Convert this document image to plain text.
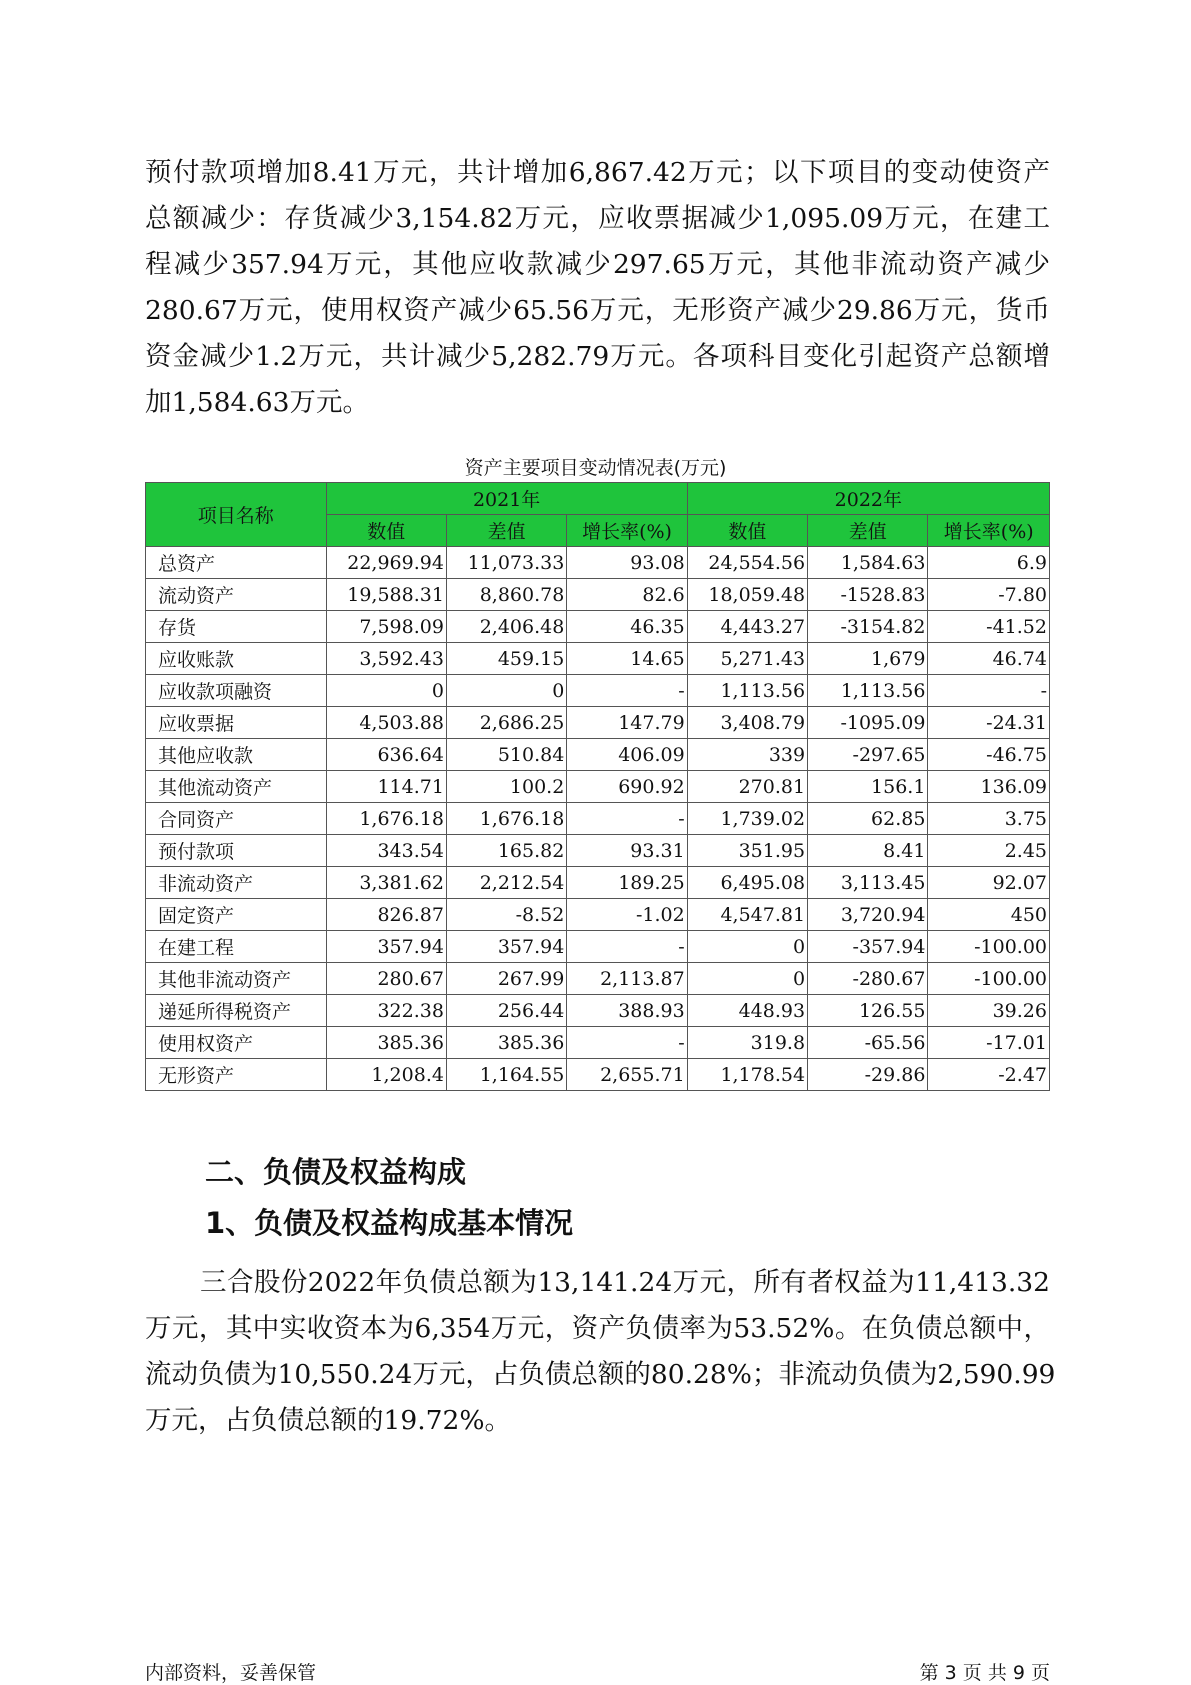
预付款项增加8.41万元，共计增加6,867.42万元；以下项目的变动使资产
总额减少：存货减少3,154.82万元，应收票据减少1,095.09万元，在建工
程减少357.94万元，其他应收款减少297.65万元，其他非流动资产减少
280.67万元，使用权资产减少65.56万元，无形资产减少29.86万元，货币
资金减少1.2万元，共计减少5,282.79万元。各项科目变化引起资产总额增
加1,584.63万元。
资产主要项目变动情况表(万元)
项目名称	2021年			2022年		
	数值	差值	增长率(%)	数值	差值	增长率(%)
总资产	22,969.94	11,073.33	93.08	24,554.56	1,584.63	6.9
流动资产	19,588.31	8,860.78	82.6	18,059.48	-1528.83	-7.80
存货	7,598.09	2,406.48	46.35	4,443.27	-3154.82	-41.52
应收账款	3,592.43	459.15	14.65	5,271.43	1,679	46.74
应收款项融资	0	0	-	1,113.56	1,113.56	-
应收票据	4,503.88	2,686.25	147.79	3,408.79	-1095.09	-24.31
其他应收款	636.64	510.84	406.09	339	-297.65	-46.75
其他流动资产	114.71	100.2	690.92	270.81	156.1	136.09
合同资产	1,676.18	1,676.18	-	1,739.02	62.85	3.75
预付款项	343.54	165.82	93.31	351.95	8.41	2.45
非流动资产	3,381.62	2,212.54	189.25	6,495.08	3,113.45	92.07
固定资产	826.87	-8.52	-1.02	4,547.81	3,720.94	450
在建工程	357.94	357.94	-	0	-357.94	-100.00
其他非流动资产	280.67	267.99	2,113.87	0	-280.67	-100.00
递延所得税资产	322.38	256.44	388.93	448.93	126.55	39.26
使用权资产	385.36	385.36	-	319.8	-65.56	-17.01
无形资产	1,208.4	1,164.55	2,655.71	1,178.54	-29.86	-2.47
二、负债及权益构成
1、负债及权益构成基本情况
三合股份2022年负债总额为13,141.24万元，所有者权益为11,413.32
万元，其中实收资本为6,354万元，资产负债率为53.52%。在负债总额中，
流动负债为10,550.24万元，占负债总额的80.28%；非流动负债为2,590.99
万元，占负债总额的19.72%。
内部资料，妥善保管	第 3 页 共 9 页
